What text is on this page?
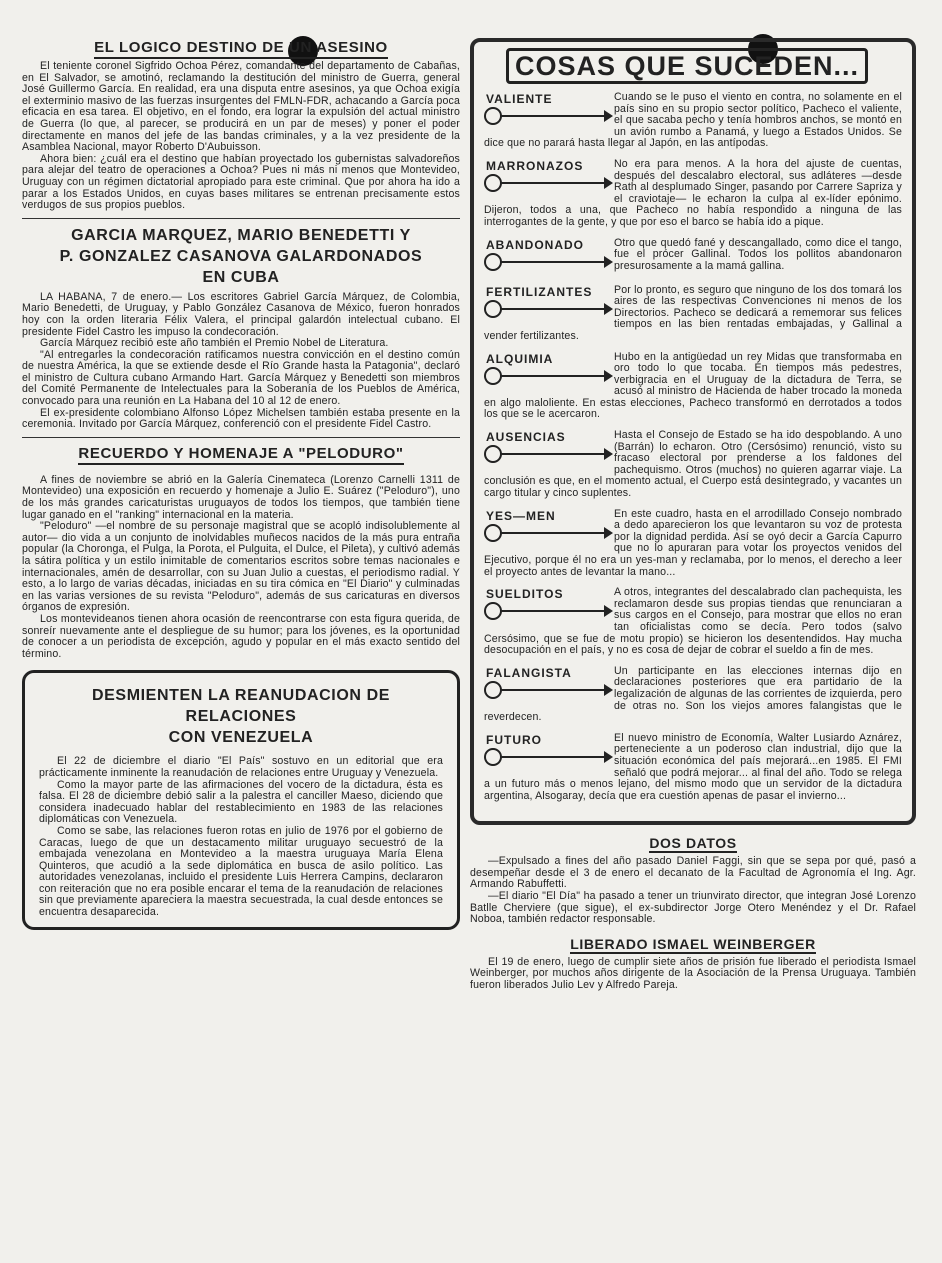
EL LOGICO DESTINO DE UN ASESINO

El teniente coronel Sigfrido Ochoa Pérez, comandante del departamento de Cabañas, en El Salvador, se amotinó, reclamando la destitución del ministro de Guerra, general José Guillermo García. En realidad, era una disputa entre asesinos, ya que Ochoa exigía el exterminio masivo de las fuerzas insurgentes del FMLN-FDR, achacando a García poca eficacia en esa tarea. El objetivo, en el fondo, era lograr la expulsión del actual ministro de Guerra (lo que, al parecer, se producirá en un par de meses) y poner el poder directamente en manos del jefe de las bandas criminales, y a la vez presidente de la Asamblea Nacional, mayor Roberto D'Aubuisson.

Ahora bien: ¿cuál era el destino que habían proyectado los gubernistas salvadoreños para alejar del teatro de operaciones a Ochoa? Pues ni más ni menos que Montevideo, Uruguay con un régimen dictatorial apropiado para este criminal. Que por ahora ha ido a parar a los Estados Unidos, en cuyas bases militares se entrenan precisamente estos verdugos de sus propios pueblos.

GARCIA MARQUEZ, MARIO BENEDETTI Y
P. GONZALEZ CASANOVA GALARDONADOS
EN CUBA

LA HABANA, 7 de enero.— Los escritores Gabriel García Márquez, de Colombia, Mario Benedetti, de Uruguay, y Pablo González Casanova de México, fueron honrados hoy con la orden literaria Félix Valera, el principal galardón intelectual cubano. El presidente Fidel Castro les impuso la condecoración.

García Márquez recibió este año también el Premio Nobel de Literatura.

"Al entregarles la condecoración ratificamos nuestra convicción en el destino común de nuestra América, la que se extiende desde el Río Grande hasta la Patagonia", declaró el ministro de Cultura cubano Armando Hart. García Márquez y Benedetti son miembros del Comité Permanente de Intelectuales para la Soberanía de los Pueblos de América, convocado para una reunión en La Habana del 10 al 12 de enero.

El ex-presidente colombiano Alfonso López Michelsen también estaba presente en la ceremonia. Invitado por García Márquez, conferenció con el presidente Fidel Castro.

RECUERDO Y HOMENAJE A "PELODURO"

A fines de noviembre se abrió en la Galería Cinemateca (Lorenzo Carnelli 1311 de Montevideo) una exposición en recuerdo y homenaje a Julio E. Suárez ("Peloduro"), uno de los más grandes caricaturistas uruguayos de todos los tiempos, que también tiene lugar ganado en el "ranking" internacional en la materia.

"Peloduro" —el nombre de su personaje magistral que se acopló indisolublemente al autor— dio vida a un conjunto de inolvidables muñecos nacidos de la más pura entraña popular (la Choronga, el Pulga, la Porota, el Pulguita, el Dulce, el Pileta), y cultivó además la sátira política y un estilo inimitable de comentarios escritos sobre temas nacionales e internacionales, amén de desarrollar, con su Juan Julio a cuestas, el periodismo radial. Y esto, a lo largo de varias décadas, iniciadas en su tira cómica en "El Diario" y culminadas en las varias versiones de su revista "Peloduro", además de sus caricaturas en diversos órganos de expresión.

Los montevideanos tienen ahora ocasión de reencontrarse con esta figura querida, de sonreír nuevamente ante el despliegue de su humor; para los jóvenes, es la oportunidad de conocer a un periodista de excepción, agudo y popular en el más exacto sentido del término.

DESMIENTEN LA REANUDACION DE RELACIONES
CON VENEZUELA

El 22 de diciembre el diario "El País" sostuvo en un editorial que era prácticamente inminente la reanudación de relaciones entre Uruguay y Venezuela.

Como la mayor parte de las afirmaciones del vocero de la dictadura, ésta es falsa. El 28 de diciembre debió salir a la palestra el canciller Maeso, diciendo que considera inadecuado hablar del restablecimiento en 1983 de las relaciones diplomáticas con Venezuela.

Como se sabe, las relaciones fueron rotas en julio de 1976 por el gobierno de Caracas, luego de que un destacamento militar uruguayo secuestró de la embajada venezolana en Montevideo a la maestra uruguaya María Elena Quinteros, que acudió a la sede diplomática en busca de asilo político. Las autoridades venezolanas, incluido el presidente Luis Herrera Campins, declararon con reiteración que no era posible encarar el tema de la reanudación de relaciones sin que previamente apareciera la maestra secuestrada, la cual desde entonces se encuentra desaparecida.

COSAS QUE SUCEDEN...
VALIENTE	Cuando se le puso el viento en contra, no solamente en el país sino en su propio sector político, Pacheco el valiente, el que sacaba pecho y tenía hombros anchos, se montó en un avión rumbo a Panamá, y luego a Estados Unidos. Se dice que no parará hasta llegar al Japón, en las antípodas.
MARRONAZOS	No era para menos. A la hora del ajuste de cuentas, después del descalabro electoral, sus adláteres —desde Rath al desplumado Singer, pasando por Carrere Sapriza y el craviotaje— le echaron la culpa al ex-líder epónimo. Dijeron, todos a una, que Pacheco no había respondido a ninguna de las interrogantes de la gente, y que por eso el barco se había ido a pique.
ABANDONADO	Otro que quedó fané y descangallado, como dice el tango, fue el prócer Gallinal. Todos los pollitos abandonaron presurosamente a la mamá gallina.
FERTILIZANTES	Por lo pronto, es seguro que ninguno de los dos tomará los aires de las respectivas Convenciones ni menos de los Directorios. Pacheco se dedicará a rememorar sus felices tiempos en las bien rentadas embajadas, y Gallinal a vender fertilizantes.
ALQUIMIA	Hubo en la antigüedad un rey Midas que transformaba en oro todo lo que tocaba. En tiempos más pedestres, verbigracia en el Uruguay de la dictadura de Terra, se acusó al ministro de Hacienda de haber trocado la moneda en algo maloliente. En estas elecciones, Pacheco transformó en derrotados a todos los que se le acercaron.
AUSENCIAS	Hasta el Consejo de Estado se ha ido despoblando. A uno (Barrán) lo echaron. Otro (Cersósimo) renunció, visto su fracaso electoral por prenderse a los faldones del pachequismo. Otros (muchos) no quieren agarrar viaje. La conclusión es que, en el momento actual, el Cuerpo está desintegrado, y vacantes un cargo titular y cinco suplentes.
YES—MEN	En este cuadro, hasta en el arrodillado Consejo nombrado a dedo aparecieron los que levantaron su voz de protesta por la dignidad perdida. Así se oyó decir a García Capurro que no lo apuraran para votar los proyectos venidos del Ejecutivo, porque él no era un yes-man y reclamaba, por lo menos, el derecho a leer el proyecto antes de levantar la mano...
SUELDITOS	A otros, integrantes del descalabrado clan pachequista, les reclamaron desde sus propias tiendas que renunciaran a sus cargos en el Consejo, para mostrar que ellos no eran tan oficialistas como se decía. Pero todos (salvo Cersósimo, que se fue de motu propio) se hicieron los desentendidos. Hay mucha desocupación en el país, y no es cosa de dejar de cobrar el sueldo a fin de mes.
FALANGISTA	Un participante en las elecciones internas dijo en declaraciones posteriores que era partidario de la legalización de algunas de las corrientes de izquierda, pero de otras no. Son los viejos amores falangistas que le reverdecen.
FUTURO	El nuevo ministro de Economía, Walter Lusiardo Aznárez, perteneciente a un poderoso clan industrial, dijo que la situación económica del país mejorará...en 1985. El FMI señaló que podrá mejorar... al final del año. Todo se relega a un futuro más o menos lejano, del mismo modo que un servidor de la dictadura argentina, Alsogaray, decía que era cuestión apenas de pasar el invierno...
DOS DATOS

—Expulsado a fines del año pasado Daniel Faggi, sin que se sepa por qué, pasó a desempeñar desde el 3 de enero el decanato de la Facultad de Agronomía el Ing. Agr. Armando Rabuffetti.

—El diario "El Día" ha pasado a tener un triunvirato director, que integran José Lorenzo Batlle Cherviere (que sigue), el ex-subdirector Jorge Otero Menéndez y el Dr. Rafael Noboa, también redactor responsable.

LIBERADO ISMAEL WEINBERGER

El 19 de enero, luego de cumplir siete años de prisión fue liberado el periodista Ismael Weinberger, por muchos años dirigente de la Asociación de la Prensa Uruguaya. También fueron liberados Julio Lev y Alfredo Pareja.
